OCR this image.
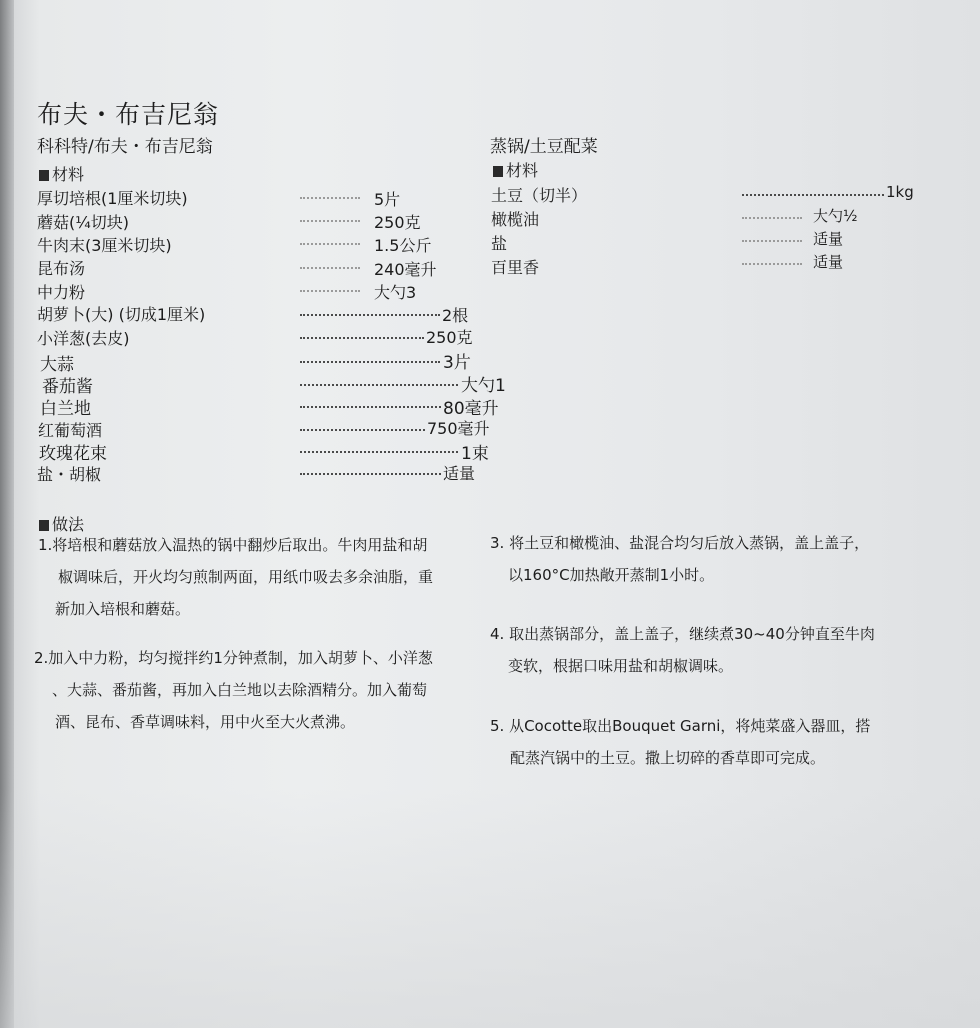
布夫・布吉尼翁
科科特/布夫・布吉尼翁
材料
厚切培根(1厘米切块)	5片
蘑菇(¼切块)	250克
牛肉末(3厘米切块)	1.5公斤
昆布汤	240毫升
中力粉	大勺3
胡萝卜(大) (切成1厘米)	2根
小洋葱(去皮)	250克
大蒜	3片
番茄酱	大勺1
白兰地	80毫升
红葡萄酒	750毫升
玫瑰花束	1束
盐・胡椒	适量
蒸锅/土豆配菜
材料
土豆（切半）	1kg
橄榄油	大勺½
盐	适量
百里香	适量
做法
1.将培根和蘑菇放入温热的锅中翻炒后取出。牛肉用盐和胡
椒调味后，开火均匀煎制两面，用纸巾吸去多余油脂，重
新加入培根和蘑菇。
2.加入中力粉，均匀搅拌约1分钟煮制，加入胡萝卜、小洋葱
、大蒜、番茄酱，再加入白兰地以去除酒精分。加入葡萄
酒、昆布、香草调味料，用中火至大火煮沸。
3. 将土豆和橄榄油、盐混合均匀后放入蒸锅，盖上盖子，
以160°C加热敞开蒸制1小时。
4. 取出蒸锅部分，盖上盖子，继续煮30~40分钟直至牛肉
变软，根据口味用盐和胡椒调味。
5. 从Cocotte取出Bouquet Garni，将炖菜盛入器皿，搭
配蒸汽锅中的土豆。撒上切碎的香草即可完成。
